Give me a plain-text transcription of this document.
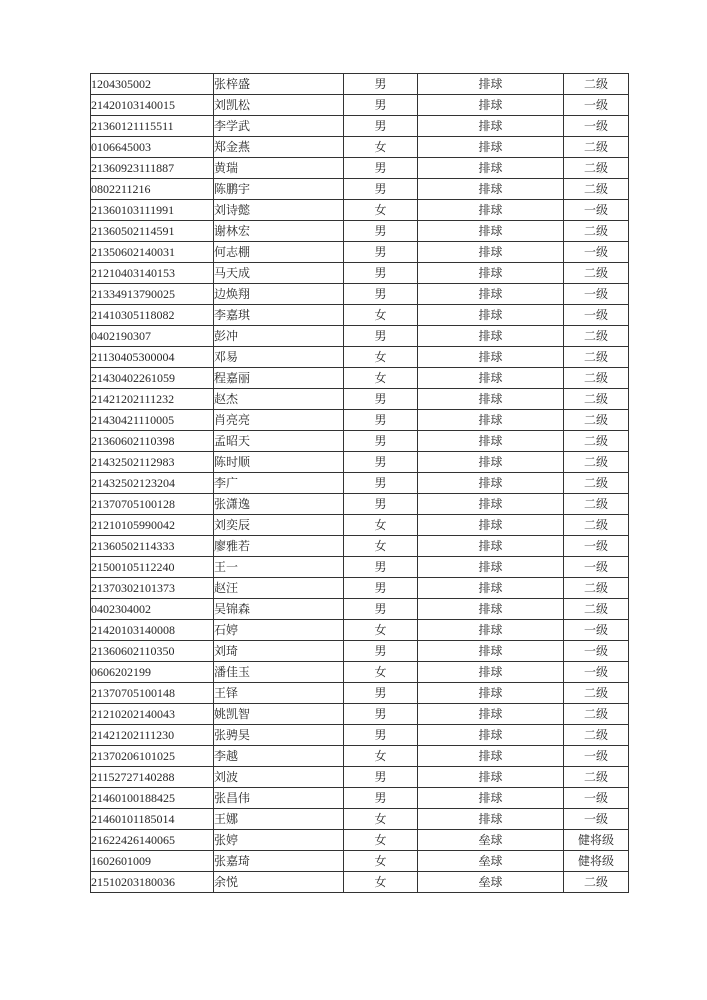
1204305002	张梓盛	男	排球	二级
21420103140015	刘凯松	男	排球	一级
21360121115511	李学武	男	排球	一级
0106645003	郑金燕	女	排球	二级
21360923111887	黄瑞	男	排球	二级
0802211216	陈鹏宇	男	排球	二级
21360103111991	刘诗懿	女	排球	一级
21360502114591	谢林宏	男	排球	二级
21350602140031	何志棚	男	排球	一级
21210403140153	马天成	男	排球	二级
21334913790025	边焕翔	男	排球	一级
21410305118082	李嘉琪	女	排球	一级
0402190307	彭冲	男	排球	二级
21130405300004	邓易	女	排球	二级
21430402261059	程嘉丽	女	排球	二级
21421202111232	赵杰	男	排球	二级
21430421110005	肖亮亮	男	排球	二级
21360602110398	孟昭天	男	排球	二级
21432502112983	陈时顺	男	排球	二级
21432502123204	李广	男	排球	二级
21370705100128	张潇逸	男	排球	二级
21210105990042	刘奕辰	女	排球	二级
21360502114333	廖雅若	女	排球	一级
21500105112240	王一	男	排球	一级
21370302101373	赵汪	男	排球	二级
0402304002	吴锦森	男	排球	二级
21420103140008	石婷	女	排球	一级
21360602110350	刘琦	男	排球	一级
0606202199	潘佳玉	女	排球	一级
21370705100148	王铎	男	排球	二级
21210202140043	姚凯智	男	排球	二级
21421202111230	张骋昊	男	排球	二级
21370206101025	李越	女	排球	一级
21152727140288	刘波	男	排球	二级
21460100188425	张昌伟	男	排球	一级
21460101185014	王娜	女	排球	一级
21622426140065	张婷	女	垒球	健将级
1602601009	张嘉琦	女	垒球	健将级
21510203180036	余悦	女	垒球	二级
